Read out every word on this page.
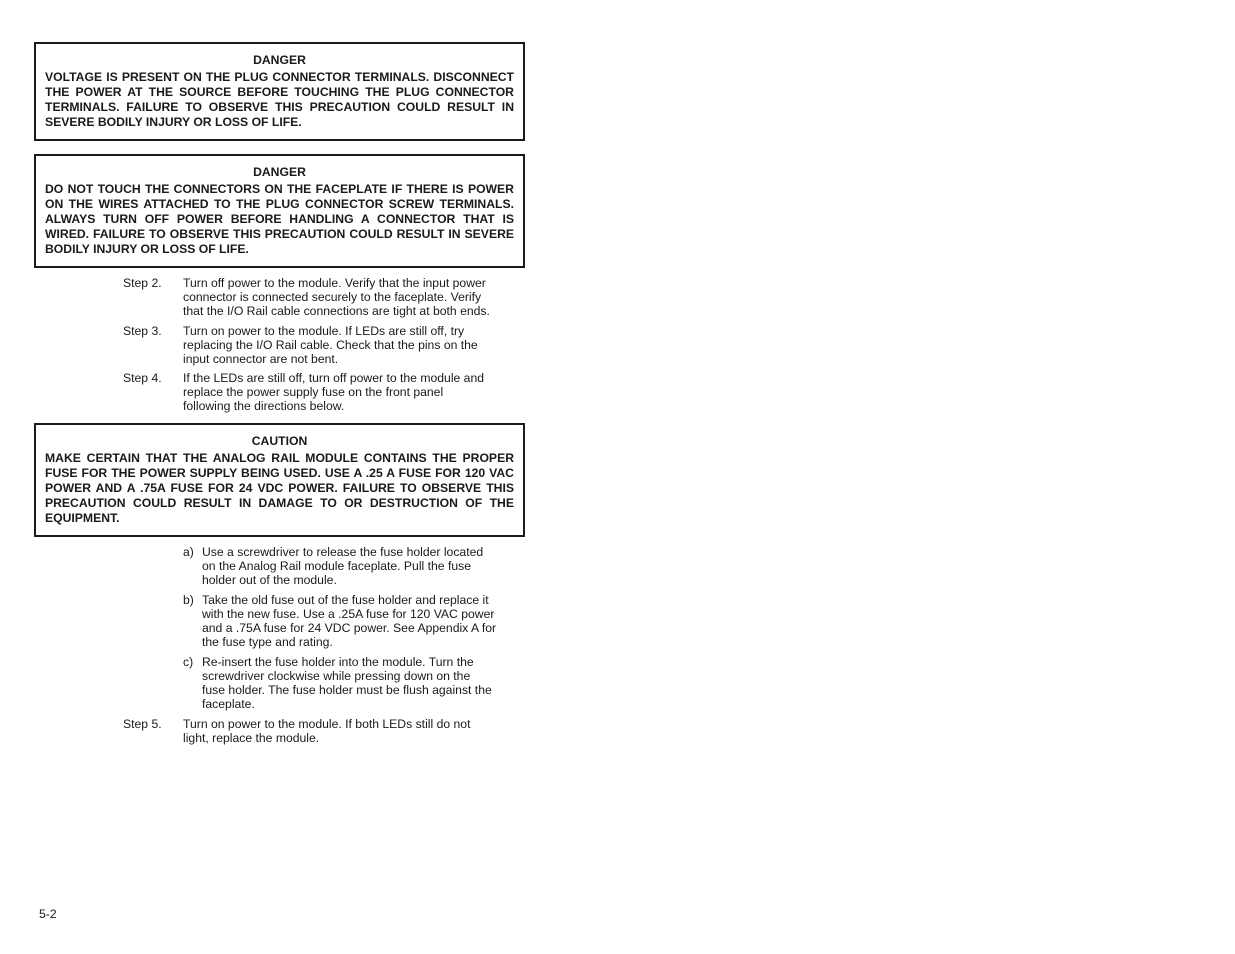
DANGER
VOLTAGE IS PRESENT ON THE PLUG CONNECTOR TERMINALS. DISCONNECT THE POWER AT THE SOURCE BEFORE TOUCHING THE PLUG CONNECTOR TERMINALS. FAILURE TO OBSERVE THIS PRECAUTION COULD RESULT IN SEVERE BODILY INJURY OR LOSS OF LIFE.
DANGER
DO NOT TOUCH THE CONNECTORS ON THE FACEPLATE IF THERE IS POWER ON THE WIRES ATTACHED TO THE PLUG CONNECTOR SCREW TERMINALS. ALWAYS TURN OFF POWER BEFORE HANDLING A CONNECTOR THAT IS WIRED. FAILURE TO OBSERVE THIS PRECAUTION COULD RESULT IN SEVERE BODILY INJURY OR LOSS OF LIFE.
Step 2.	Turn off power to the module. Verify that the input power
connector is connected securely to the faceplate. Verify
that the I/O Rail cable connections are tight at both ends.
Step 3.	Turn on power to the module. If LEDs are still off, try
replacing the I/O Rail cable. Check that the pins on the
input connector are not bent.
Step 4.	If the LEDs are still off, turn off power to the module and
replace the power supply fuse on the front panel
following the directions below.
CAUTION
MAKE CERTAIN THAT THE ANALOG RAIL MODULE CONTAINS THE PROPER FUSE FOR THE POWER SUPPLY BEING USED. USE A .25 A FUSE FOR 120 VAC POWER AND A .75A FUSE FOR 24 VDC POWER. FAILURE TO OBSERVE THIS PRECAUTION COULD RESULT IN DAMAGE TO OR DESTRUCTION OF THE EQUIPMENT.
a) Use a screwdriver to release the fuse holder located
on the Analog Rail module faceplate. Pull the fuse
holder out of the module.
b) Take the old fuse out of the fuse holder and replace it
with the new fuse. Use a .25A fuse for 120 VAC power
and a .75A fuse for 24 VDC power. See Appendix A for
the fuse type and rating.
c) Re-insert the fuse holder into the module. Turn the
screwdriver clockwise while pressing down on the
fuse holder. The fuse holder must be flush against the
faceplate.
Step 5.	Turn on power to the module. If both LEDs still do not
light, replace the module.
5-2
